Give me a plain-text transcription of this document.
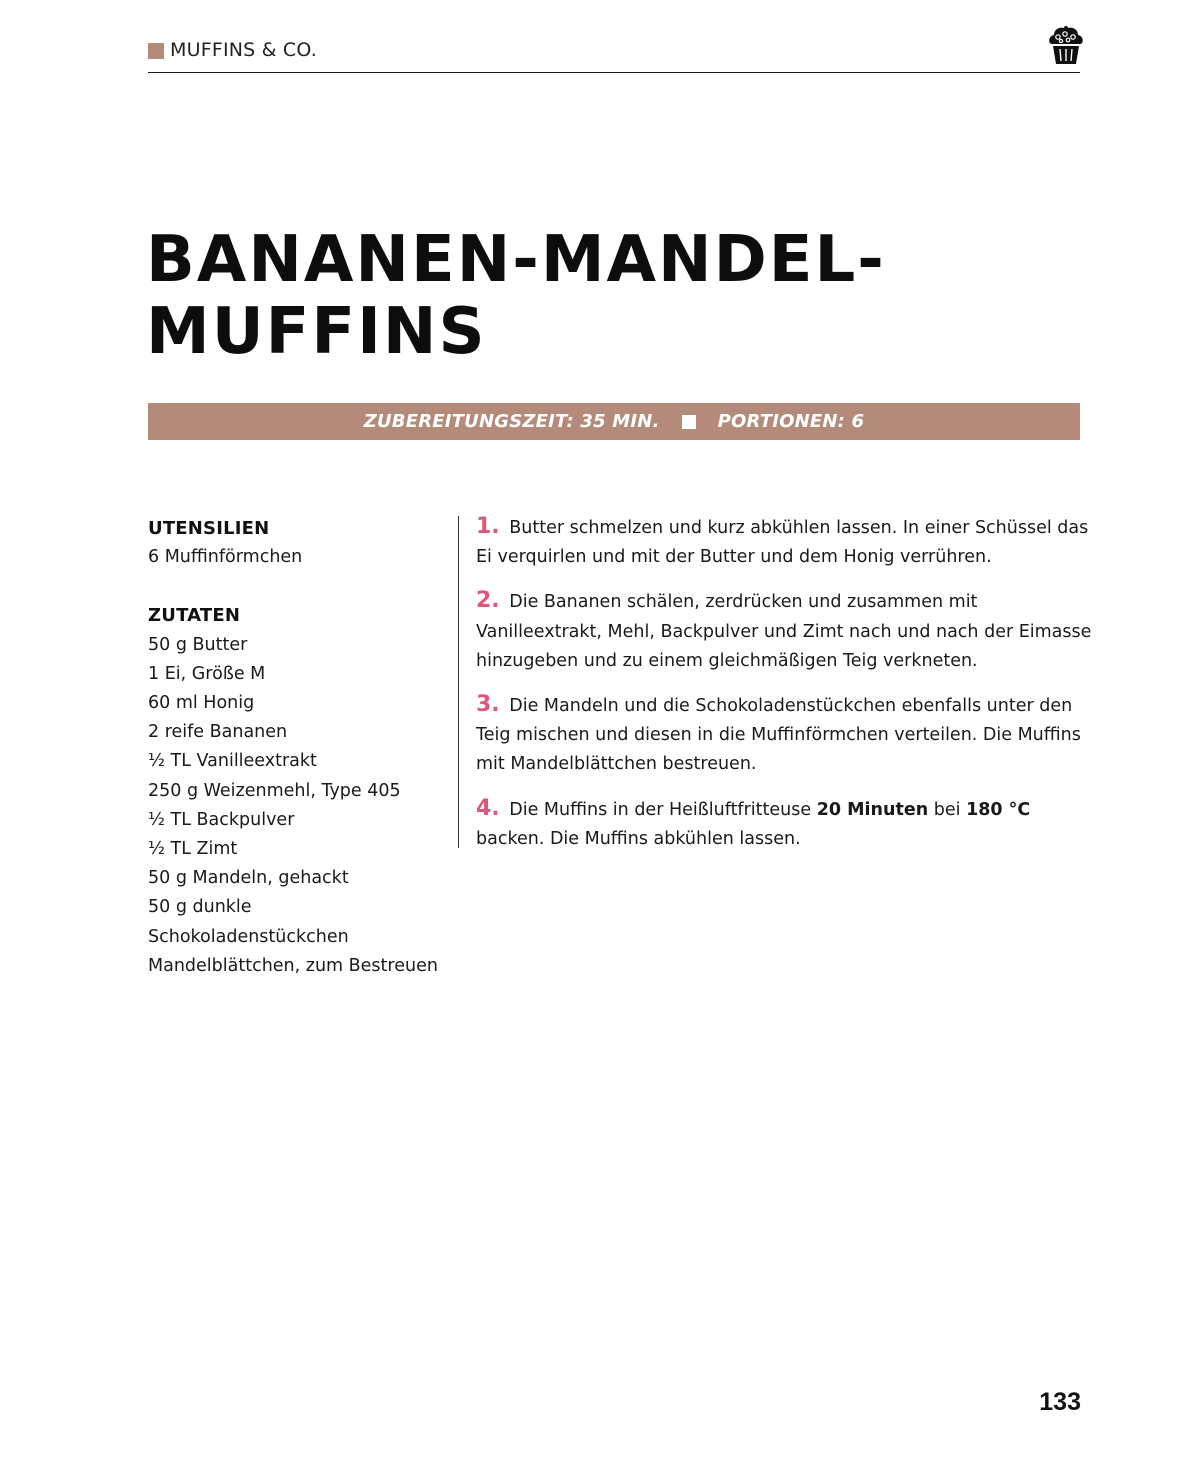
MUFFINS & CO.
BANANEN-MANDEL-
MUFFINS
ZUBEREITUNGSZEIT: 35 MIN.	PORTIONEN: 6
UTENSILIEN
6 Muffinförmchen
ZUTATEN
50 g Butter
1 Ei, Größe M
60 ml Honig
2 reife Bananen
½ TL Vanilleextrakt
250 g Weizenmehl, Type 405
½ TL Backpulver
½ TL Zimt
50 g Mandeln, gehackt
50 g dunkle Schokoladenstückchen
Mandelblättchen, zum Bestreuen

1. Butter schmelzen und kurz abkühlen lassen. In einer Schüssel das Ei verquirlen und mit der Butter und dem Honig verrühren.

2. Die Bananen schälen, zerdrücken und zusammen mit Vanilleextrakt, Mehl, Backpulver und Zimt nach und nach der Eimasse hinzugeben und zu einem gleichmäßigen Teig verkneten.

3. Die Mandeln und die Schokoladenstückchen ebenfalls unter den Teig mischen und diesen in die Muffinförmchen verteilen. Die Muffins mit Mandelblättchen bestreuen.

4. Die Muffins in der Heißluftfritteuse 20 Minuten bei 180 °C backen. Die Muffins abkühlen lassen.

133
